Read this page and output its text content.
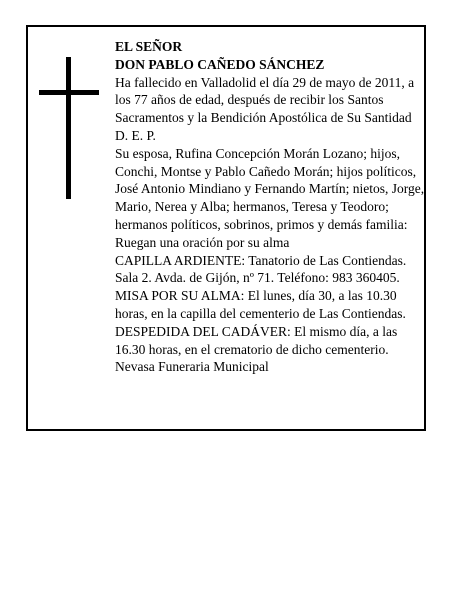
EL SEÑOR

DON PABLO CAÑEDO SÁNCHEZ

Ha fallecido en Valladolid el día 29 de mayo de 2011, a los 77 años de edad, después de recibir los Santos Sacramentos y la Bendición Apostólica de Su Santidad D. E. P.

Su esposa, Rufina Concepción Morán Lozano; hijos, Conchi, Montse y Pablo Cañedo Morán; hijos políticos, José Antonio Mindiano y Fernando Martín; nietos, Jorge, Mario, Nerea y Alba; hermanos, Teresa y Teodoro; hermanos políticos, sobrinos, primos y demás familia:

Ruegan una oración por su alma

CAPILLA ARDIENTE: Tanatorio de Las Contiendas. Sala 2. Avda. de Gijón, nº 71. Teléfono: 983 360405.

MISA POR SU ALMA: El lunes, día 30, a las 10.30 horas, en la capilla del cementerio de Las Contiendas.

DESPEDIDA DEL CADÁVER: El mismo día, a las 16.30 horas, en el crematorio de dicho cementerio.

Nevasa Funeraria Municipal
